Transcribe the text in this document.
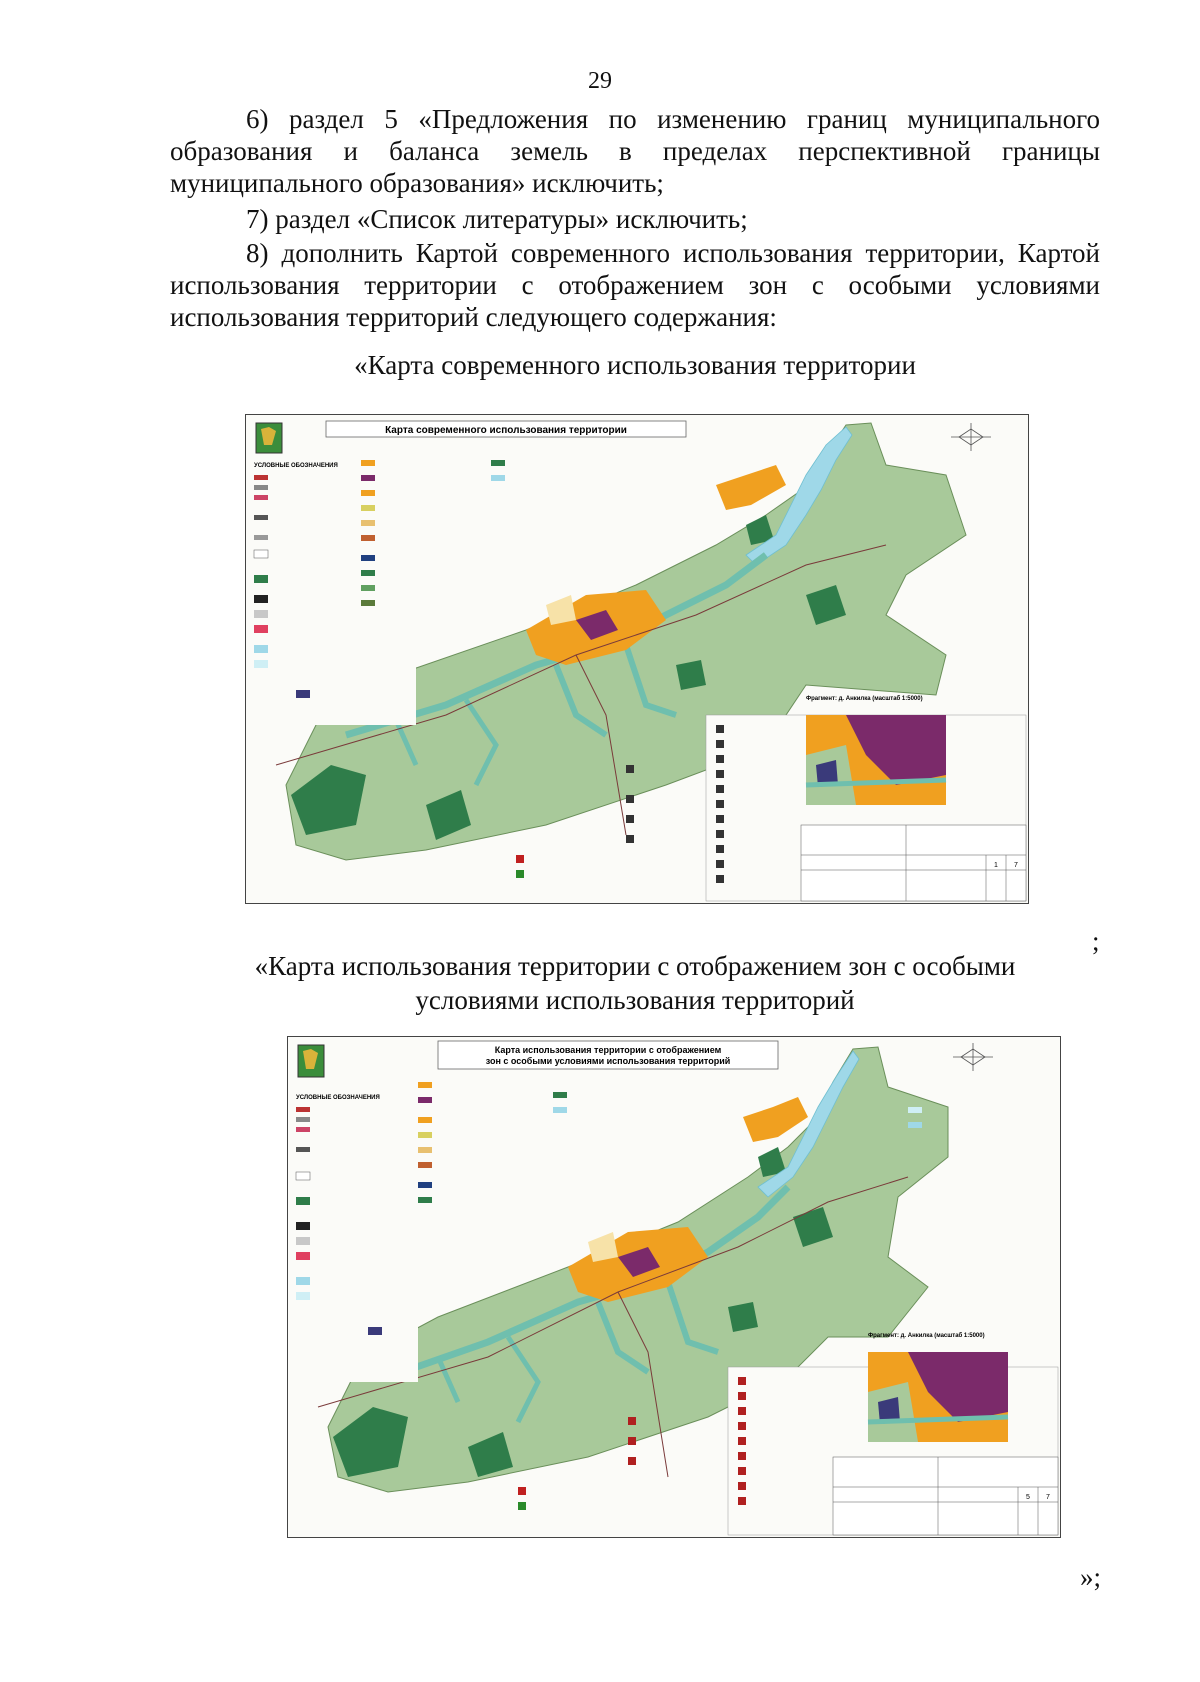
29

6) раздел 5 «Предложения по изменению границ муниципального образования и баланса земель в пределах перспективной границы муниципального образования» исключить;

7) раздел «Список литературы» исключить;

8) дополнить Картой современного использования территории, Картой использования территории с отображением зон с особыми условиями использования территорий следующего содержания:

«Карта современного использования территории
Карта современного использования территории
УСЛОВНЫЕ ОБОЗНАЧЕНИЯ
Фрагмент: д. Анкилка (масштаб 1:5000)
1 7
;
«Карта использования территории с отображением зон с особыми
условиями использования территорий
Карта использования территории с отображением
зон с особыми условиями использования территорий
УСЛОВНЫЕ ОБОЗНАЧЕНИЯ
Фрагмент: д. Анкилка (масштаб 1:5000)
5 7
»;
